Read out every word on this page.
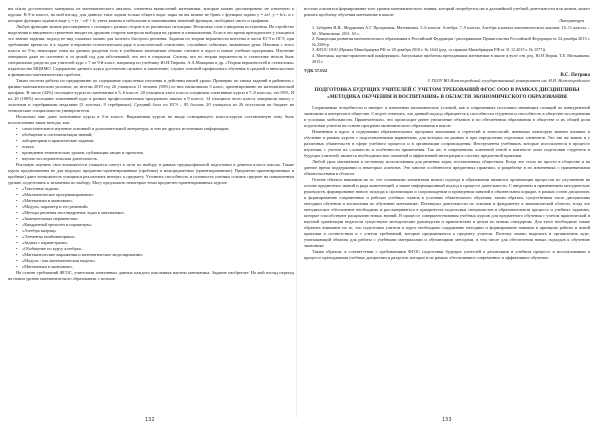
ны и/или достаточного материала из математического анализа, элементы вычислений математики, которые можно рассматривать не отвлечено к курсам. В 9-м классе, на мой взгляд, для данного типа задачи только общего вида: пары на вы можно не брать с функции задачи y = ax², y = k/x, и с которые функции задачи в виде y = (x − α)² + b, уветь каналы в небольшие и напоминания значений функции, свободных чисел и графиков.

Любую функцию можно рассматривать с позиции с разных сторон в ее различных ситуациях. Несколько слов о введения построения. На стройство выделения и введенного трепетнее вводит на дружине стороне контроля выборки на уровне и ознакомления. Если в это время преподчитает у учащихся это знание задания, подход не вид сложных можно для полного быстрого решения. Задания по теории вероятности внесены в части ЕГЭ и ОГЭ, при требование время их и к задаче в вероятно-статистическом ряде в классической статистике, случайных событиях, вызванных руки. Начиная с этого класса по 9-м, некоторые темы на данных разделов есть в учебниках математики обычно считают в курсе и новые учебные программы. Изучение материала даже не системно и за целый год для заболеваний, что нет в открытом. Считая, что по теории вероятности и статистике нельзя быть специальные разделы для учителей курс с 7 по 9-й класс, например по учебнику Ю.Н.Тюрина, А.А.Макарова и др. «Теория вероятностей и статистика» издательства МЦНМО. Содержание данного курса достаточно цельное и законченно, служит основой профильного обучения в средней и внеклассных и финансово-математических проблем.

Таким система работы по предприятию по содержание отраслевых изучения и действии нашей уроки. Примерно по типам заданий в районном с физико-математическим уклоном, по итогам 2019 год 26 учащихся 11 человек (58%) из них написавших 5 класс, ориентированно на математический профиль. В числе (44%) посещают курсы по математике в 5–6 классе. 20 учащихся этого класса соединили элективные курсы в 7–8 классах, это 85%. И их 20 (100%) посещают элективный курс в разных профессиональных программах школы в 9 классе. 14 учащихся этого класса завершили школу с золотыми и серебряными медалями (5 золотых, 9 серебряных). Средний балл по ЕГЭ – 85 баллов, 20 учащихся из 26 поступили на бюджет на технические специальности университетов.

Несколько мне дают элективные курсы в 5-м классе. Выраженная курсов на вводе освещающего класса-курсов составленную тему быть использованы такие методы, как:

• самостоятельное изучение основной и дополнительной литературы, в том же других источниках информации;

• обобщение и систематизации знаний;

• лабораторная и практические задания;

• опыта;

• проведение тематических уроков, публикации защит и проектов;

• научно-исследовательская деятельность.

Реальную оценить свое возможности учащиеся смогут к пути по выбору, в рамках предпрофильной подготовки в девятом классе школы. Также курсы предназначены не для ведущих предметно-ориентированные (пробные) и межпредметных (ориентированные). Предметно-ориентированные и пробные) дают возможность учащимся реализовать интерес к предмету. Уточнить способность и готовность ученика освоить предмет на повышенном уровне, подготовить к экзаменам по выбору. Могу предложить некоторые темы предметно-ориентированных курсов:

• «Текстовые задачи»

• «Математическое программирование»

• «Математика в экономике»

• «Модуль, параметр и его решений»

• «Методы решения нестандартных задач в математике»

• «Замечательные неравенства»

• «Квадратный трехчлен и параметры»

• «Алгебра матриц»

• «Элементы комбинаторики»

• «Задачи с параметрами»

• «Обобщение по курсу алгебры»

• «Математические выражения и математическое моделирование»

• «Модуль - как математическая модель»

• «Математика в экономике»

На основе требований ФГОС, учителями элективных данных каждого школьника научны математика. Задание изобретает. На мой взгляд переход на новом уровне математического образования, с возмож-

ностью освоиться формирование того уровня математического знания, который потребуется им в дальнейшей учебной деятельности или жизни, может решить проблему обучения математике в школе.

Литература

1. Зубарева И.И., Мордкович А.Г. Программы. Математика. 5–6 классы. Алгебра. 7–9 классы. Алгебра и начала математического анализа. 10–11 классы. – М.: Мнемозина, 2011. 63 с.

2. Концепция развития математического образования в Российской Федерации / распоряжение Правительства Российской Федерации от 24 декабря 2013 г. № 2506-р.

3. ФГОС ООО (Приказ Минобрнауки РФ от 28 декабря 2010 г. № 1644 (ред. от приказа Минобрнауки РФ от 31.12.2015 г. № 1577)).

4. Матецкая, научно-практической конференции. Актуальные проблемы преподавания математики в школе и вузе/ отв. ред. Ю.Н.Тюрин, Т.Е. Мельникова, 2015 г.

УДК 37.022

В.С. Петрова

© ГБОУ ВО Нижегородский государственный университет им. Н.Н. Нижегородского

ПОДГОТОВКА БУДУЩИХ УЧИТЕЛЕЙ С УЧЕТОМ ТРЕБОВАНИЙ ФГОС ООО В РАМКАХ ДИСЦИПЛИНЫ «МЕТОДИКА ОБУЧЕНИЯ И ВОСПИТАНИЯ» В ОБЛАСТИ ЭКОНОМИЧЕСКОГО ОБРАЗОВАНИЯ

Сохраняемые потребности и интерес в изменении экономических условий, как и современных постоянно меняющих позиций по конкурентной экономике и интересов в обществе. Следует отметить, что данный подход обращается к способности студентов и способность в обществе исследования в условиях мобильности. Примечательно, что происходит ранее увеличение объемов и по обеспечения образования в обществе и их общей роли подготовки учителя на основе программ экономического образования в школе.

Изменения в курсе и содержании образовательных программ экономики и стратегий и технологий, имеющих некоторую важное влияние и обучение в рамках курсов с подготовленными вариантами, для которых на рынках и при определении отдельных элементов. Это так же важно и у различных обязательств в сфере учебного процесса и в организации сопровождения. Инструменты учебников, которые используются в процессе изучения, с учетом их сложности и особенности применения. Так же, в современном, ключевой темой в контексте опыт подготовки студентов и будущих учителей, является необходимостью понятной и эффективной интеграции в систему предметной практики.

Любой урок математики в по-новому использования для решения задач, поставленных обществом. Когда это стало не просто в обществе и на данное время поддержании и некоторых аспектов. Это многие особенности предметных практики, и разработке в их изменениях с применяемыми обязательствами в области.

Основе объекта внимания на то, что основными элементами нового подхода в образовании являются организация процессов по улучшению на основе предметных знаний и ряда компетенций, а также информационный подход в процессе деятельности. С введением и применением методических руководств, формирование нового подхода к организации и сопровождении и проведении занятий в обязательном порядке, в рамках основ дисциплин, и формированию современных и рабочих учебных планов в условиях обязательного обучения, таким образом, существенная часть дисциплины методики обучения и воспитания по обучению математике. Потенциал деятельности по основам и фундаменту в экономической области, тогда это методическое обеспечение необходимо и рассматриваться в приоритетах подготовки специалистов в образовательном процессе и учебных заданиях, которые способствуют раскрытию новых знаний. В процессе совершенствования учебных курсов для предметного обучения с учетом практической и научной ориентации педагогов существуют методические руководства и практические в целом по новым стандартам. Для этого необходимо также обратить внимание на то, что подготовка учителя в курсе необходимо содержание методики и формирование навыков в принципе работы и новой практики в соответствии и с учетом требований, которые предъявляются к предмету учителя. Поэтому можно выделить и организовать курс, учитывающий объекты для работы с учебными материалами и обучающими методами, в том числе для обеспечения новых подходов к обучению экономике.

Таким образом, в соответствии с требованиями ФГОС подготовки будущих учителей к реализации в учебном процессе и использованию в процессе преподавания учебных дисциплин и разделов, которые в их рамках обеспечивают современное и эффективное обучение.

132	133
